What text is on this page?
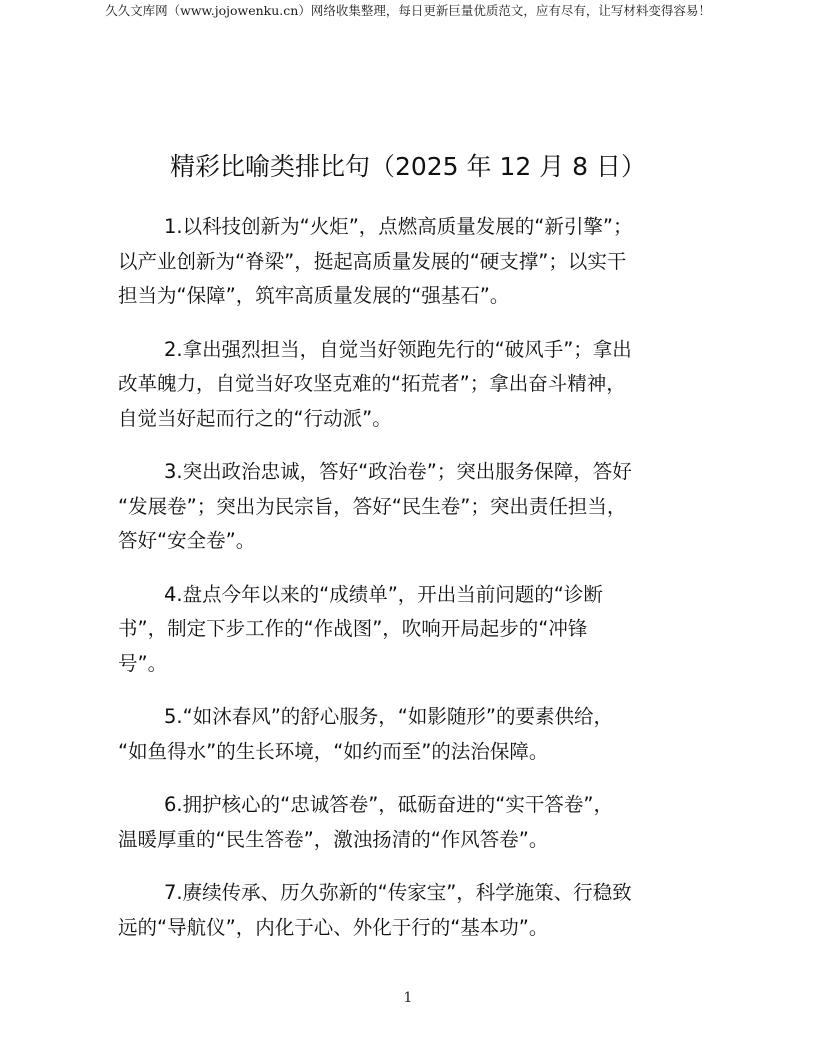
久久文库网（www.jojowenku.cn）网络收集整理，每日更新巨量优质范文，应有尽有，让写材料变得容易！
精彩比喻类排比句（2025 年 12 月 8 日）

1.以科技创新为“火炬”，点燃高质量发展的“新引擎”；
以产业创新为“脊梁”，挺起高质量发展的“硬支撑”；以实干
担当为“保障”，筑牢高质量发展的“强基石”。

2.拿出强烈担当，自觉当好领跑先行的“破风手”；拿出
改革魄力，自觉当好攻坚克难的“拓荒者”；拿出奋斗精神，
自觉当好起而行之的“行动派”。

3.突出政治忠诚，答好“政治卷”；突出服务保障，答好
“发展卷”；突出为民宗旨，答好“民生卷”；突出责任担当，
答好“安全卷”。

4.盘点今年以来的“成绩单”，开出当前问题的“诊断
书”，制定下步工作的“作战图”，吹响开局起步的“冲锋
号”。

5.“如沐春风”的舒心服务，“如影随形”的要素供给，
“如鱼得水”的生长环境，“如约而至”的法治保障。

6.拥护核心的“忠诚答卷”，砥砺奋进的“实干答卷”，
温暖厚重的“民生答卷”，激浊扬清的“作风答卷”。

7.赓续传承、历久弥新的“传家宝”，科学施策、行稳致
远的“导航仪”，内化于心、外化于行的“基本功”。

1
